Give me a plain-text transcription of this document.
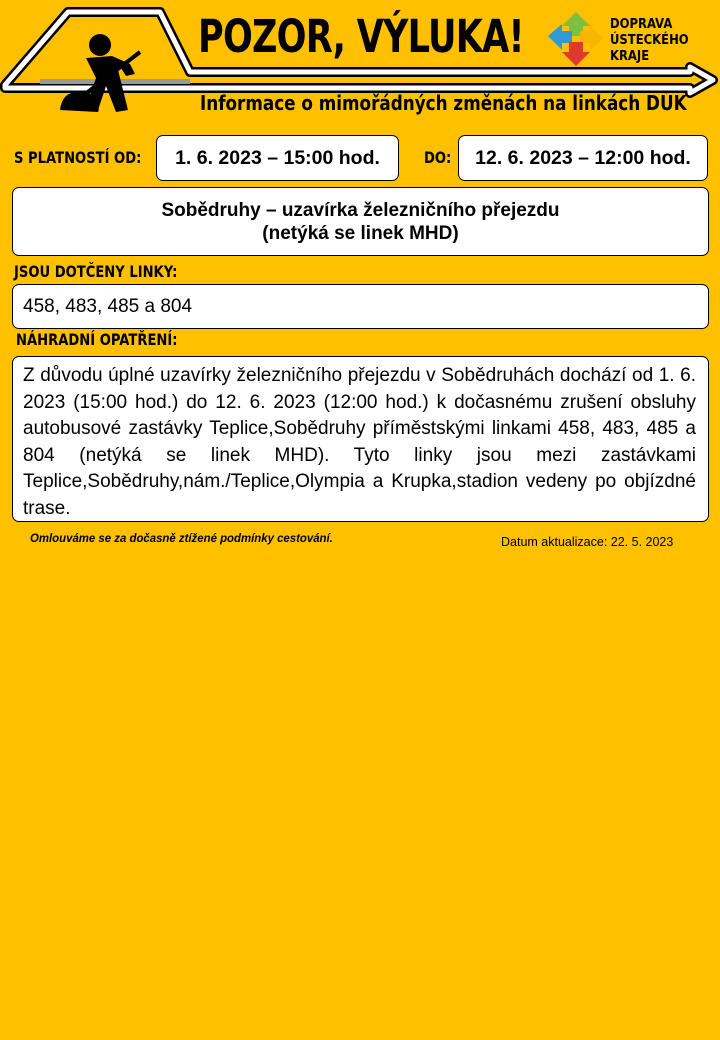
POZOR, VÝLUKA!
Informace o mimořádných změnách na linkách DÚK
DOPRAVA
ÚSTECKÉHO
KRAJE
S PLATNOSTÍ OD:	1. 6. 2023 – 15:00 hod.	DO:	12. 6. 2023 – 12:00 hod.
Sobědruhy – uzavírka železničního přejezdu
(netýká se linek MHD)
JSOU DOTČENY LINKY:
458, 483, 485 a 804
NÁHRADNÍ OPATŘENÍ:
Z důvodu úplné uzavírky železničního přejezdu v Sobědruhách dochází od 1. 6. 2023 (15:00 hod.) do 12. 6. 2023 (12:00 hod.) k dočasnému zrušení obsluhy autobusové zastávky Teplice,Sobědruhy příměstskými linkami 458, 483, 485 a 804 (netýká se linek MHD). Tyto linky jsou mezi zastávkami Teplice,Sobědruhy,nám./Teplice,Olympia a Krupka,stadion vedeny po objízdné trase.
Omlouváme se za dočasně ztížené podmínky cestování.	Datum aktualizace: 22. 5. 2023
